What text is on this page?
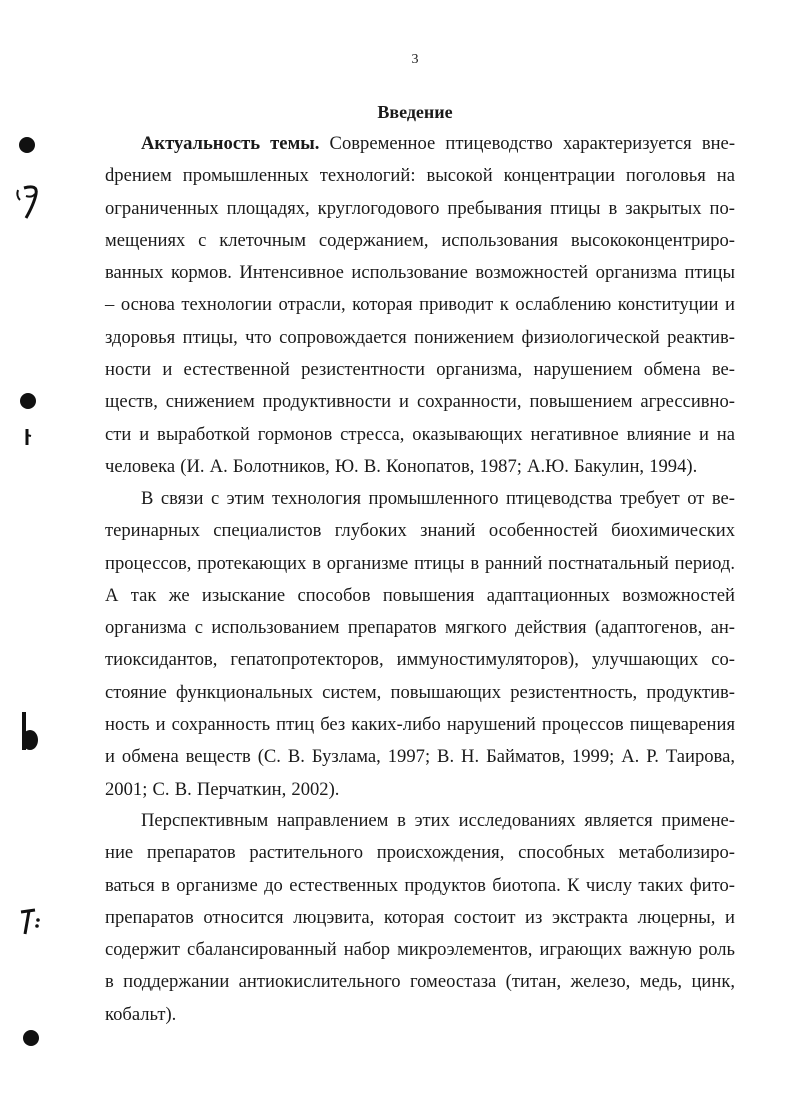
3
Введение

Актуальность темы. Современное птицеводство характеризуется внеdрением промышленных технологий: высокой концентрации поголовья на ограниченных площадях, круглогодового пребывания птицы в закрытых помещениях с клеточным содержанием, использования высококонцентрированных кормов. Интенсивное использование возможностей организма птицы – основа технологии отрасли, которая приводит к ослаблению конституции и здоровья птицы, что сопровождается понижением физиологической реактивности и естественной резистентности организма, нарушением обмена веществ, снижением продуктивности и сохранности, повышением агрессивности и выработкой гормонов стресса, оказывающих негативное влияние и на человека (И. А. Болотников, Ю. В. Конопатов, 1987; А.Ю. Бакулин, 1994).

В связи с этим технология промышленного птицеводства требует от ветеринарных специалистов глубоких знаний особенностей биохимических процессов, протекающих в организме птицы в ранний постнатальный период. А так же изыскание способов повышения адаптационных возможностей организма с использованием препаратов мягкого действия (адаптогенов, антиоксидантов, гепатопротекторов, иммуностимуляторов), улучшающих состояние функциональных систем, повышающих резистентность, продуктивность и сохранность птиц без каких-либо нарушений процессов пищеварения и обмена веществ (С. В. Бузлама, 1997; В. Н. Байматов, 1999; А. Р. Таирова, 2001; С. В. Перчаткин, 2002).

Перспективным направлением в этих исследованиях является применение препаратов растительного происхождения, способных метаболизироваться в организме до естественных продуктов биотопа. К числу таких фитопрепаратов относится люцэвита, которая состоит из экстракта люцерны, и содержит сбалансированный набор микроэлементов, играющих важную роль в поддержании антиокислительного гомеостаза (титан, железо, медь, цинк, кобальт).
